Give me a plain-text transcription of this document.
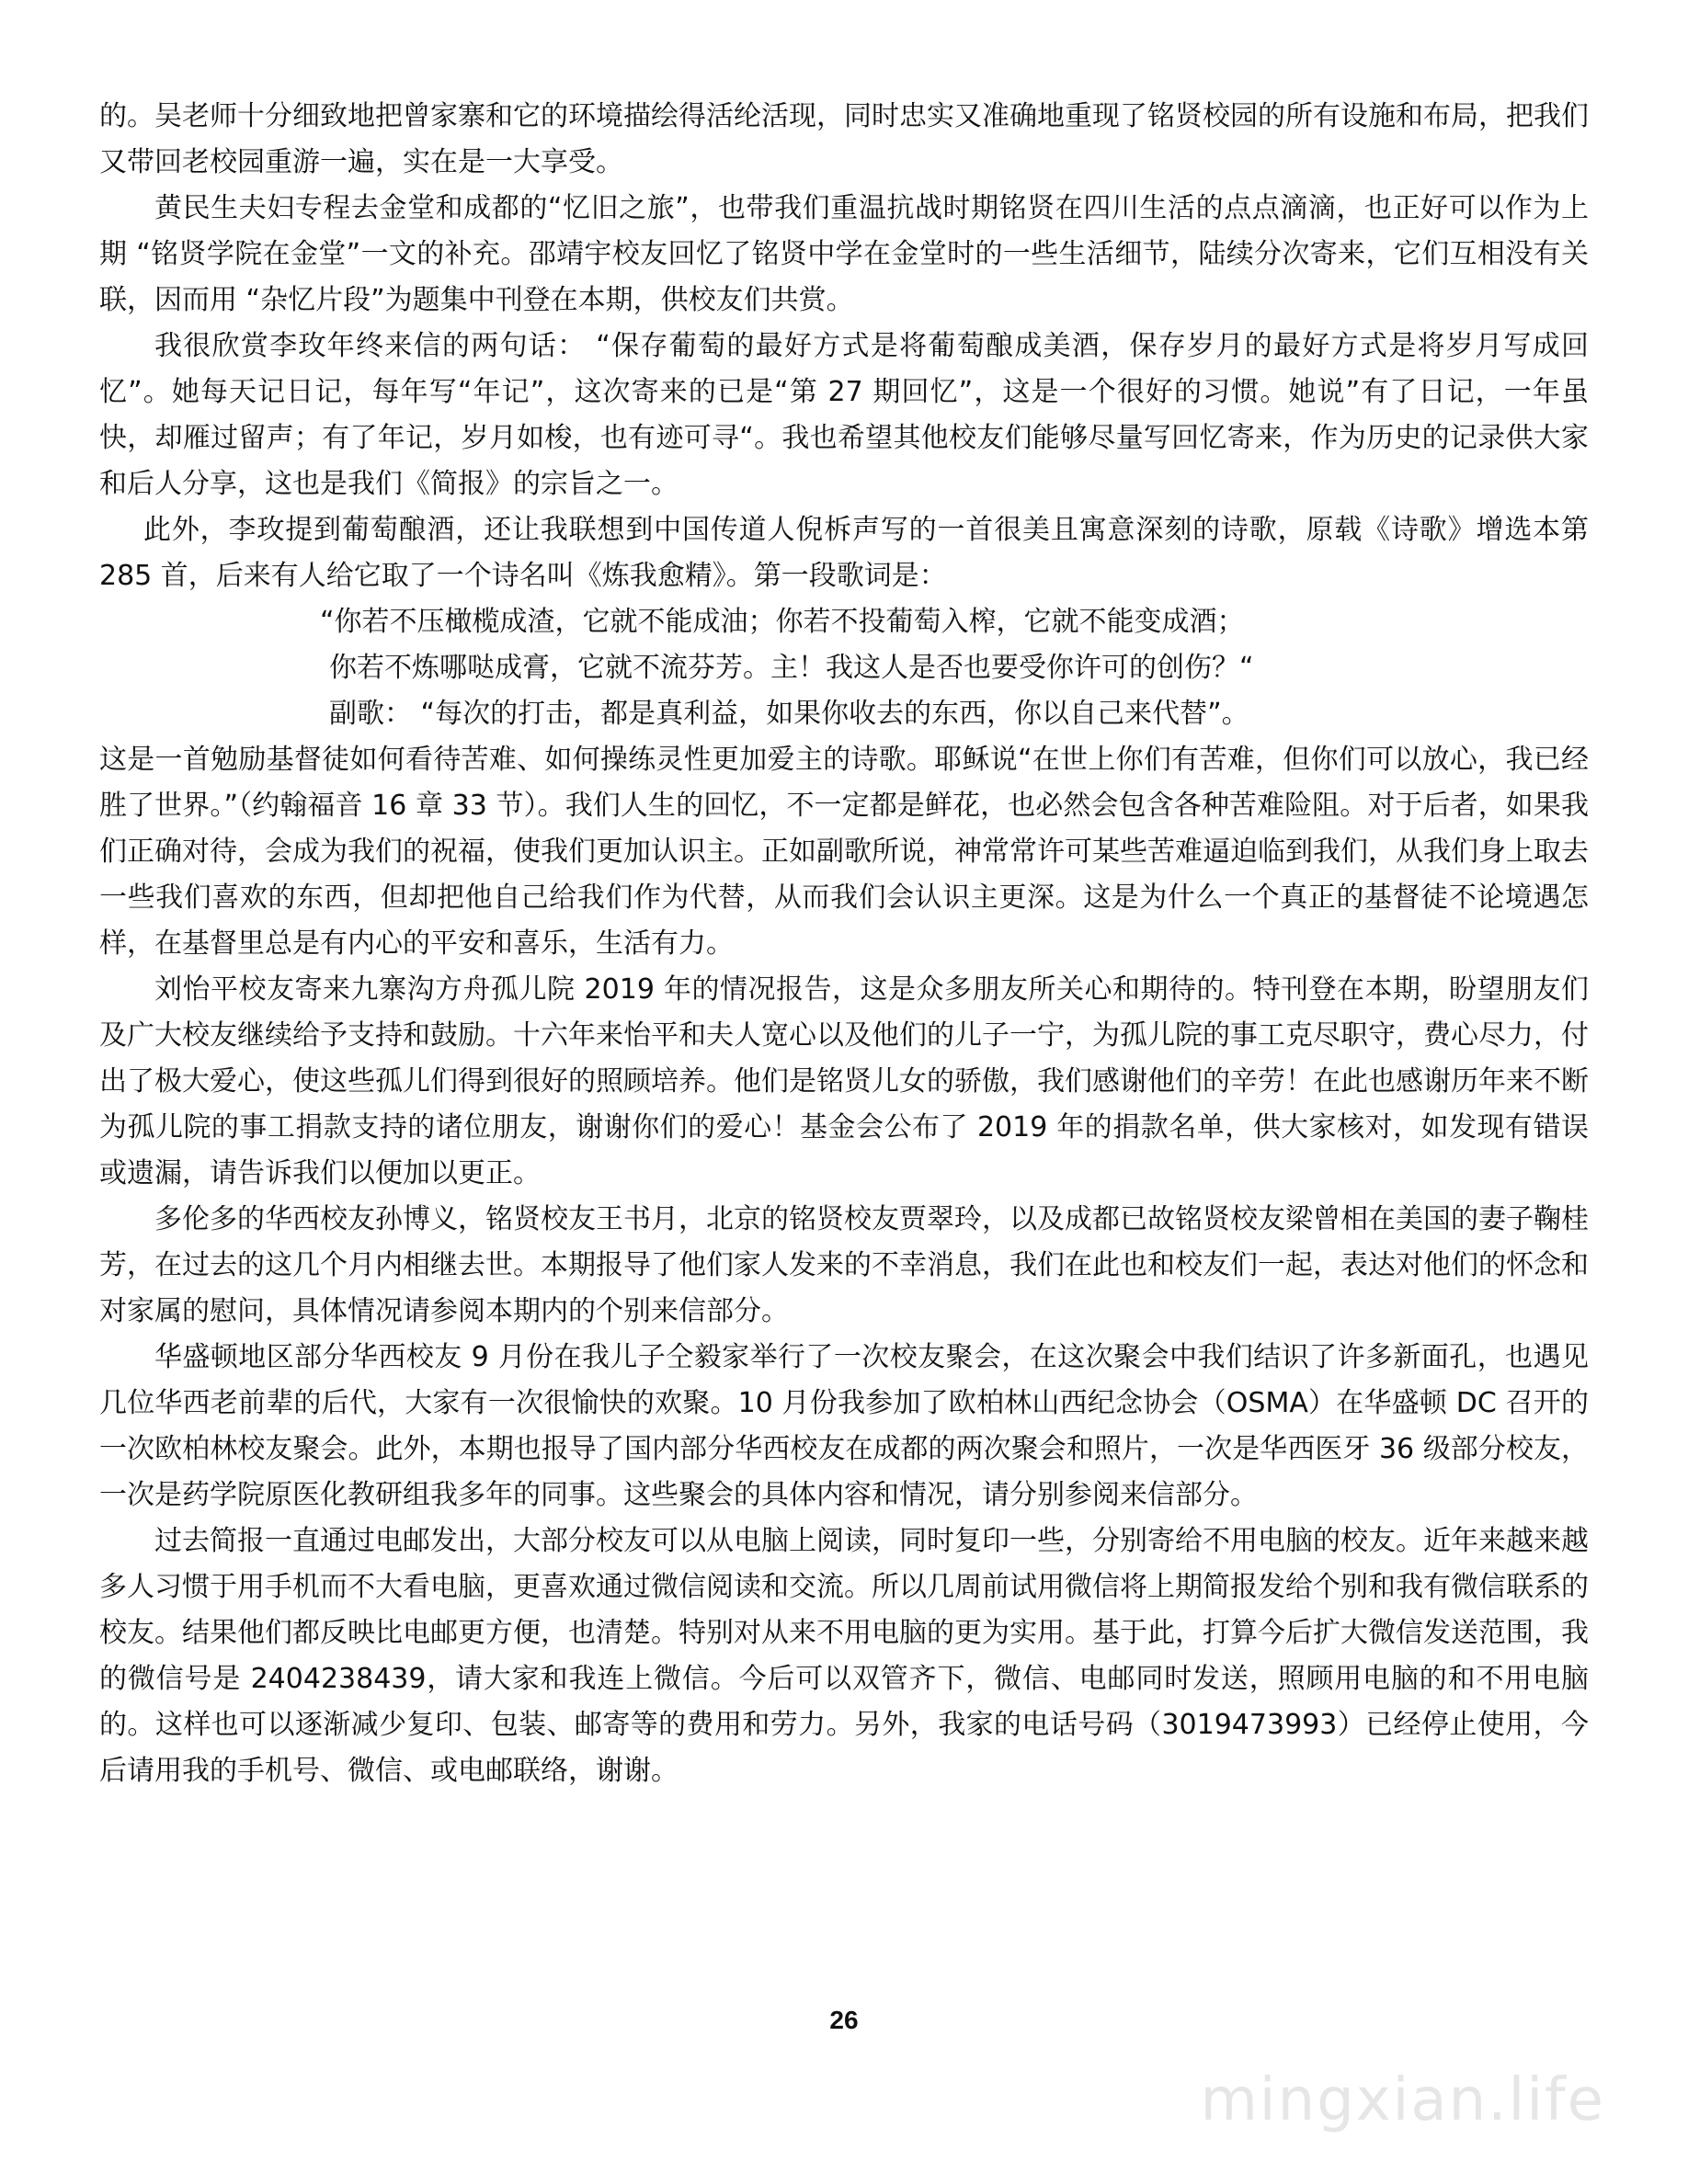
的。吴老师十分细致地把曾家寨和它的环境描绘得活纶活现，同时忠实又准确地重现了铭贤校园的所有设施和布局，把我们又带回老校园重游一遍，实在是一大享受。

黄民生夫妇专程去金堂和成都的“忆旧之旅”，也带我们重温抗战时期铭贤在四川生活的点点滴滴，也正好可以作为上期 “铭贤学院在金堂”一文的补充。邵靖宇校友回忆了铭贤中学在金堂时的一些生活细节，陆续分次寄来，它们互相没有关联，因而用 “杂忆片段”为题集中刊登在本期，供校友们共赏。

我很欣赏李玫年终来信的两句话： “保存葡萄的最好方式是将葡萄酿成美酒，保存岁月的最好方式是将岁月写成回忆”。她每天记日记，每年写“年记”，这次寄来的已是“第 27 期回忆”，这是一个很好的习惯。她说”有了日记，一年虽快，却雁过留声；有了年记，岁月如梭，也有迹可寻“。我也希望其他校友们能够尽量写回忆寄来，作为历史的记录供大家和后人分享，这也是我们《简报》的宗旨之一。

此外，李玫提到葡萄酿酒，还让我联想到中国传道人倪柝声写的一首很美且寓意深刻的诗歌，原载《诗歌》增选本第 285 首，后来有人给它取了一个诗名叫《炼我愈精》。第一段歌词是：

“你若不压橄榄成渣，它就不能成油；你若不投葡萄入榨，它就不能变成酒；

你若不炼哪哒成膏，它就不流芬芳。主！我这人是否也要受你许可的创伤？“

副歌： “每次的打击，都是真利益，如果你收去的东西，你以自己来代替”。

这是一首勉励基督徒如何看待苦难、如何操练灵性更加爱主的诗歌。耶稣说“在世上你们有苦难，但你们可以放心，我已经胜了世界。”（约翰福音 16 章 33 节）。我们人生的回忆，不一定都是鲜花，也必然会包含各种苦难险阻。对于后者，如果我们正确对待，会成为我们的祝福，使我们更加认识主。正如副歌所说，神常常许可某些苦难逼迫临到我们，从我们身上取去一些我们喜欢的东西，但却把他自己给我们作为代替，从而我们会认识主更深。这是为什么一个真正的基督徒不论境遇怎样，在基督里总是有内心的平安和喜乐，生活有力。

刘怡平校友寄来九寨沟方舟孤儿院 2019 年的情况报告，这是众多朋友所关心和期待的。特刊登在本期，盼望朋友们及广大校友继续给予支持和鼓励。十六年来怡平和夫人宽心以及他们的儿子一宁，为孤儿院的事工克尽职守，费心尽力，付出了极大爱心，使这些孤儿们得到很好的照顾培养。他们是铭贤儿女的骄傲，我们感谢他们的辛劳！在此也感谢历年来不断为孤儿院的事工捐款支持的诸位朋友，谢谢你们的爱心！基金会公布了 2019 年的捐款名单，供大家核对，如发现有错误或遗漏，请告诉我们以便加以更正。

多伦多的华西校友孙博义，铭贤校友王书月，北京的铭贤校友贾翠玲，以及成都已故铭贤校友梁曾相在美国的妻子鞠桂芳，在过去的这几个月内相继去世。本期报导了他们家人发来的不幸消息，我们在此也和校友们一起，表达对他们的怀念和对家属的慰问，具体情况请参阅本期内的个别来信部分。

华盛顿地区部分华西校友 9 月份在我儿子仝毅家举行了一次校友聚会，在这次聚会中我们结识了许多新面孔，也遇见几位华西老前辈的后代，大家有一次很愉快的欢聚。10 月份我参加了欧柏林山西纪念协会（OSMA）在华盛顿 DC 召开的一次欧柏林校友聚会。此外，本期也报导了国内部分华西校友在成都的两次聚会和照片，一次是华西医牙 36 级部分校友，一次是药学院原医化教研组我多年的同事。这些聚会的具体内容和情况，请分别参阅来信部分。

过去简报一直通过电邮发出，大部分校友可以从电脑上阅读，同时复印一些，分别寄给不用电脑的校友。近年来越来越多人习惯于用手机而不大看电脑，更喜欢通过微信阅读和交流。所以几周前试用微信将上期简报发给个别和我有微信联系的校友。结果他们都反映比电邮更方便，也清楚。特别对从来不用电脑的更为实用。基于此，打算今后扩大微信发送范围，我的微信号是 2404238439，请大家和我连上微信。今后可以双管齐下，微信、电邮同时发送，照顾用电脑的和不用电脑的。这样也可以逐渐减少复印、包装、邮寄等的费用和劳力。另外，我家的电话号码（3019473993）已经停止使用，今后请用我的手机号、微信、或电邮联络，谢谢。

26
mingxian.life
